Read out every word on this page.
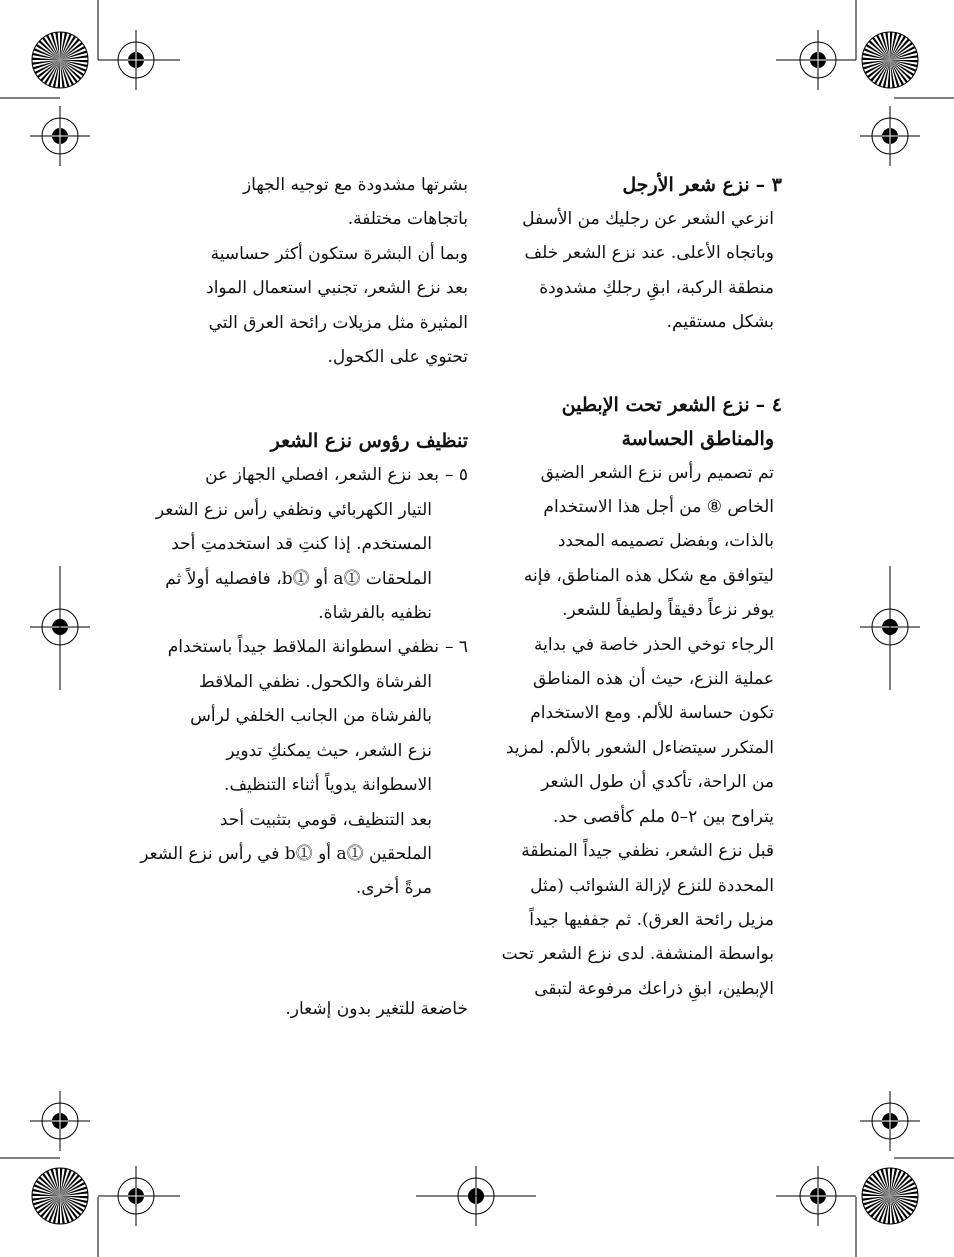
٣ –نزع شعر الأرجل
انزعي الشعر عن رجليك من الأسفل
وباتجاه الأعلى. عند نزع الشعر خلف
منطقة الركبة، ابقِ رجلكِ مشدودة
بشكل مستقيم.
٤ –نزع الشعر تحت الإبطين
والمناطق الحساسة
تم تصميم رأس نزع الشعر الضيق
الخاص ⑧ من أجل هذا الاستخدام
بالذات، وبفضل تصميمه المحدد
ليتوافق مع شكل هذه المناطق، فإنه
يوفر نزعاً دقيقاً ولطيفاً للشعر.
الرجاء توخي الحذر خاصة في بداية
عملية النزع، حيث أن هذه المناطق
تكون حساسة للألم. ومع الاستخدام
المتكرر سيتضاءل الشعور بالألم. لمزيد
من الراحة، تأكدي أن طول الشعر
يتراوح بين ٢–٥ ملم كأقصى حد.
قبل نزع الشعر، نظفي جيداً المنطقة
المحددة للنزع لإزالة الشوائب (مثل
مزيل رائحة العرق). ثم جففيها جيداً
بواسطة المنشفة. لدى نزع الشعر تحت
الإبطين، ابقِ ذراعك مرفوعة لتبقى
بشرتها مشدودة مع توجيه الجهاز
باتجاهات مختلفة.
وبما أن البشرة ستكون أكثر حساسية
بعد نزع الشعر، تجنبي استعمال المواد
المثيرة مثل مزيلات رائحة العرق التي
تحتوي على الكحول.
تنظيف رؤوس نزع الشعر
٥ –بعد نزع الشعر، افصلي الجهاز عن
التيار الكهربائي ونظفي رأس نزع الشعر
المستخدم. إذا كنتِ قد استخدمتِ أحد
الملحقات ⓵a أو ⓵b، فافصليه أولاً ثم
نظفيه بالفرشاة.
٦ –نظفي اسطوانة الملاقط جيداً باستخدام
الفرشاة والكحول. نظفي الملاقط
بالفرشاة من الجانب الخلفي لرأس
نزع الشعر، حيث يمكنكِ تدوير
الاسطوانة يدوياً أثناء التنظيف.
بعد التنظيف، قومي بتثبيت أحد
الملحقين ⓵a أو ⓵b في رأس نزع الشعر
مرةً أخرى.
خاضعة للتغير بدون إشعار.
